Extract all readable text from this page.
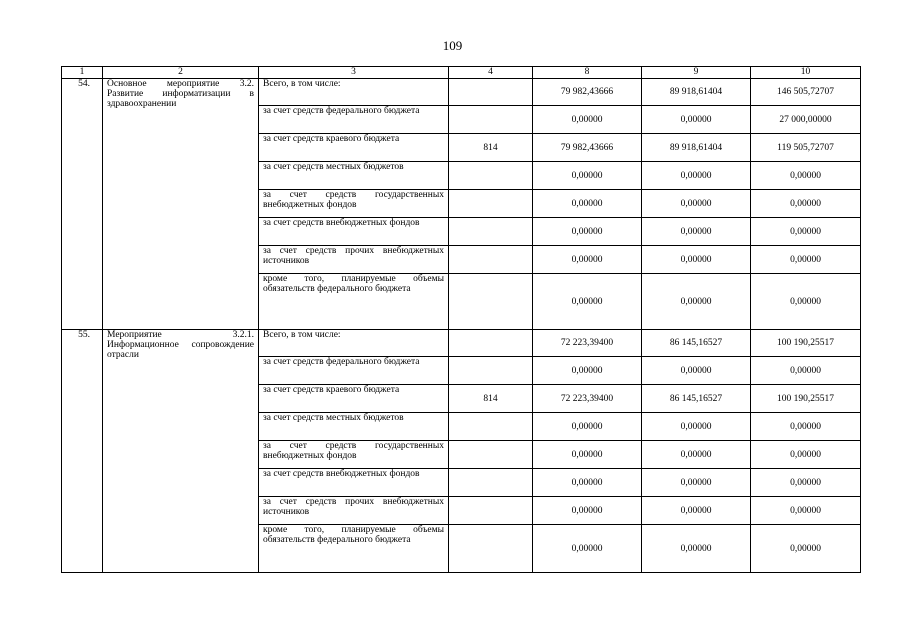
109
1	2	3	4	8	9	10
54.	Основное мероприятие 3.2. Развитие информатизации в здравоохранении	Всего, в том числе:		79 982,43666	89 918,61404	146 505,72707
		за счет средств федерального бюджета		0,00000	0,00000	27 000,00000
		за счет средств краевого бюджета	814	79 982,43666	89 918,61404	119 505,72707
		за счет средств местных бюджетов		0,00000	0,00000	0,00000
		за счет средств государственных внебюджетных фондов		0,00000	0,00000	0,00000
		за счет средств внебюджетных фондов		0,00000	0,00000	0,00000
		за счет средств прочих внебюджетных источников		0,00000	0,00000	0,00000
		кроме того, планируемые объемы обязательств федерального бюджета		0,00000	0,00000	0,00000
55.	Мероприятие 3.2.1. Информационное сопровождение отрасли	Всего, в том числе:		72 223,39400	86 145,16527	100 190,25517
		за счет средств федерального бюджета		0,00000	0,00000	0,00000
		за счет средств краевого бюджета	814	72 223,39400	86 145,16527	100 190,25517
		за счет средств местных бюджетов		0,00000	0,00000	0,00000
		за счет средств государственных внебюджетных фондов		0,00000	0,00000	0,00000
		за счет средств внебюджетных фондов		0,00000	0,00000	0,00000
		за счет средств прочих внебюджетных источников		0,00000	0,00000	0,00000
		кроме того, планируемые объемы обязательств федерального бюджета		0,00000	0,00000	0,00000
